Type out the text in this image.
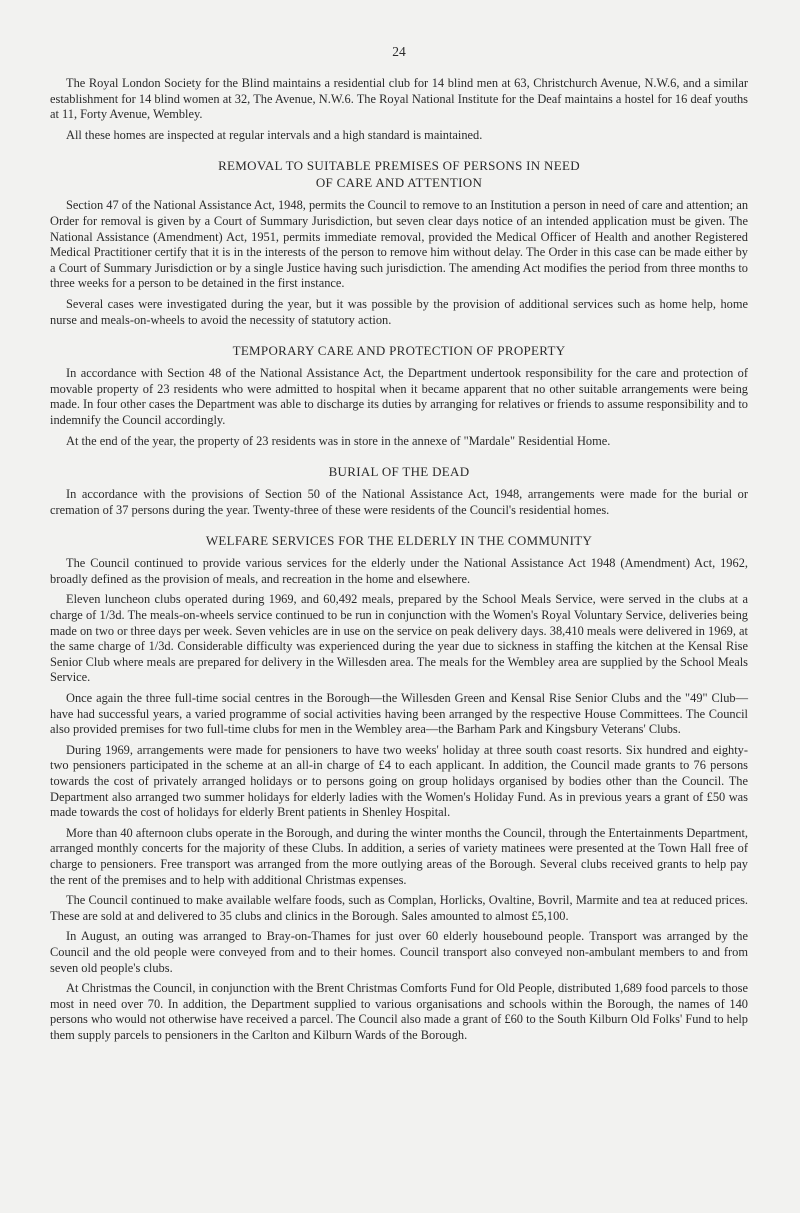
24

The Royal London Society for the Blind maintains a residential club for 14 blind men at 63, Christchurch Avenue, N.W.6, and a similar establishment for 14 blind women at 32, The Avenue, N.W.6. The Royal National Institute for the Deaf maintains a hostel for 16 deaf youths at 11, Forty Avenue, Wembley.

All these homes are inspected at regular intervals and a high standard is maintained.

REMOVAL TO SUITABLE PREMISES OF PERSONS IN NEED
OF CARE AND ATTENTION

Section 47 of the National Assistance Act, 1948, permits the Council to remove to an Institution a person in need of care and attention; an Order for removal is given by a Court of Summary Jurisdiction, but seven clear days notice of an intended application must be given. The National Assistance (Amendment) Act, 1951, permits immediate removal, provided the Medical Officer of Health and another Registered Medical Practitioner certify that it is in the interests of the person to remove him without delay. The Order in this case can be made either by a Court of Summary Jurisdiction or by a single Justice having such jurisdiction. The amending Act modifies the period from three months to three weeks for a person to be detained in the first instance.

Several cases were investigated during the year, but it was possible by the provision of additional services such as home help, home nurse and meals-on-wheels to avoid the necessity of statutory action.

TEMPORARY CARE AND PROTECTION OF PROPERTY

In accordance with Section 48 of the National Assistance Act, the Department undertook responsibility for the care and protection of movable property of 23 residents who were admitted to hospital when it became apparent that no other suitable arrangements were being made. In four other cases the Department was able to discharge its duties by arranging for relatives or friends to assume responsibility and to indemnify the Council accordingly.

At the end of the year, the property of 23 residents was in store in the annexe of "Mardale" Residential Home.

BURIAL OF THE DEAD

In accordance with the provisions of Section 50 of the National Assistance Act, 1948, arrangements were made for the burial or cremation of 37 persons during the year. Twenty-three of these were residents of the Council's residential homes.

WELFARE SERVICES FOR THE ELDERLY IN THE COMMUNITY

The Council continued to provide various services for the elderly under the National Assistance Act 1948 (Amendment) Act, 1962, broadly defined as the provision of meals, and recreation in the home and elsewhere.

Eleven luncheon clubs operated during 1969, and 60,492 meals, prepared by the School Meals Service, were served in the clubs at a charge of 1/3d. The meals-on-wheels service continued to be run in conjunction with the Women's Royal Voluntary Service, deliveries being made on two or three days per week. Seven vehicles are in use on the service on peak delivery days. 38,410 meals were delivered in 1969, at the same charge of 1/3d. Considerable difficulty was experienced during the year due to sickness in staffing the kitchen at the Kensal Rise Senior Club where meals are prepared for delivery in the Willesden area. The meals for the Wembley area are supplied by the School Meals Service.

Once again the three full-time social centres in the Borough—the Willesden Green and Kensal Rise Senior Clubs and the "49" Club—have had successful years, a varied programme of social activities having been arranged by the respective House Committees. The Council also provided premises for two full-time clubs for men in the Wembley area—the Barham Park and Kingsbury Veterans' Clubs.

During 1969, arrangements were made for pensioners to have two weeks' holiday at three south coast resorts. Six hundred and eighty-two pensioners participated in the scheme at an all-in charge of £4 to each applicant. In addition, the Council made grants to 76 persons towards the cost of privately arranged holidays or to persons going on group holidays organised by bodies other than the Council. The Department also arranged two summer holidays for elderly ladies with the Women's Holiday Fund. As in previous years a grant of £50 was made towards the cost of holidays for elderly Brent patients in Shenley Hospital.

More than 40 afternoon clubs operate in the Borough, and during the winter months the Council, through the Entertainments Department, arranged monthly concerts for the majority of these Clubs. In addition, a series of variety matinees were presented at the Town Hall free of charge to pensioners. Free transport was arranged from the more outlying areas of the Borough. Several clubs received grants to help pay the rent of the premises and to help with additional Christmas expenses.

The Council continued to make available welfare foods, such as Complan, Horlicks, Ovaltine, Bovril, Marmite and tea at reduced prices. These are sold at and delivered to 35 clubs and clinics in the Borough. Sales amounted to almost £5,100.

In August, an outing was arranged to Bray-on-Thames for just over 60 elderly housebound people. Transport was arranged by the Council and the old people were conveyed from and to their homes. Council transport also conveyed non-ambulant members to and from seven old people's clubs.

At Christmas the Council, in conjunction with the Brent Christmas Comforts Fund for Old People, distributed 1,689 food parcels to those most in need over 70. In addition, the Department supplied to various organisations and schools within the Borough, the names of 140 persons who would not otherwise have received a parcel. The Council also made a grant of £60 to the South Kilburn Old Folks' Fund to help them supply parcels to pensioners in the Carlton and Kilburn Wards of the Borough.
